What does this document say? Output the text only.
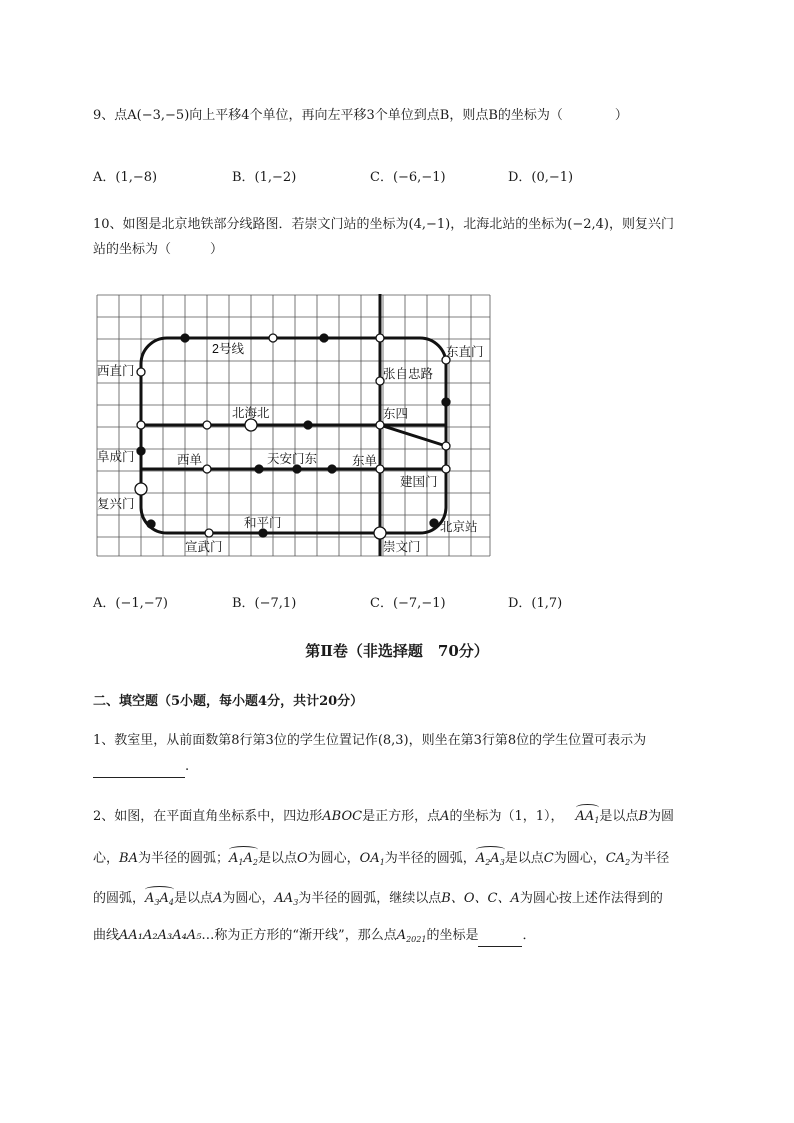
9、点A(−3,−5)向上平移4个单位，再向左平移3个单位到点B，则点B的坐标为（　　　　）
A．(1,−8)	B．(1,−2)	C．(−6,−1)	D．(0,−1)
10、如图是北京地铁部分线路图．若崇文门站的坐标为(4,−1)，北海北站的坐标为(−2,4)，则复兴门
站的坐标为（　　　）
2号线	东直门
西直门	张自忠路
北海北	东四
阜成门	西单	天安门东	东单
建国门
复兴门
和平门	北京站
宣武门	崇文门
A．(−1,−7)	B．(−7,1)	C．(−7,−1)	D．(1,7)
第Ⅱ卷（非选择题　70分）
二、填空题（5小题，每小题4分，共计20分）
1、教室里，从前面数第8行第3位的学生位置记作(8,3)，则坐在第3行第8位的学生位置可表示为
.
2、如图，在平面直角坐标系中，四边形ABOC是正方形，点A的坐标为（1，1）， $AA_1$是以点B为圆
心，BA为半径的圆弧；$A_1A_2$是以点O为圆心，$OA_1$为半径的圆弧，$A_2A_3$是以点C为圆心，$CA_2$为半径
的圆弧，$A_3A_4$是以点A为圆心，$AA_3$为半径的圆弧，继续以点B、O、C、A为圆心按上述作法得到的
曲线AA₁A₂A₃A₄A₅…称为正方形的“渐开线”，那么点$A_{2021}$的坐标是	．
